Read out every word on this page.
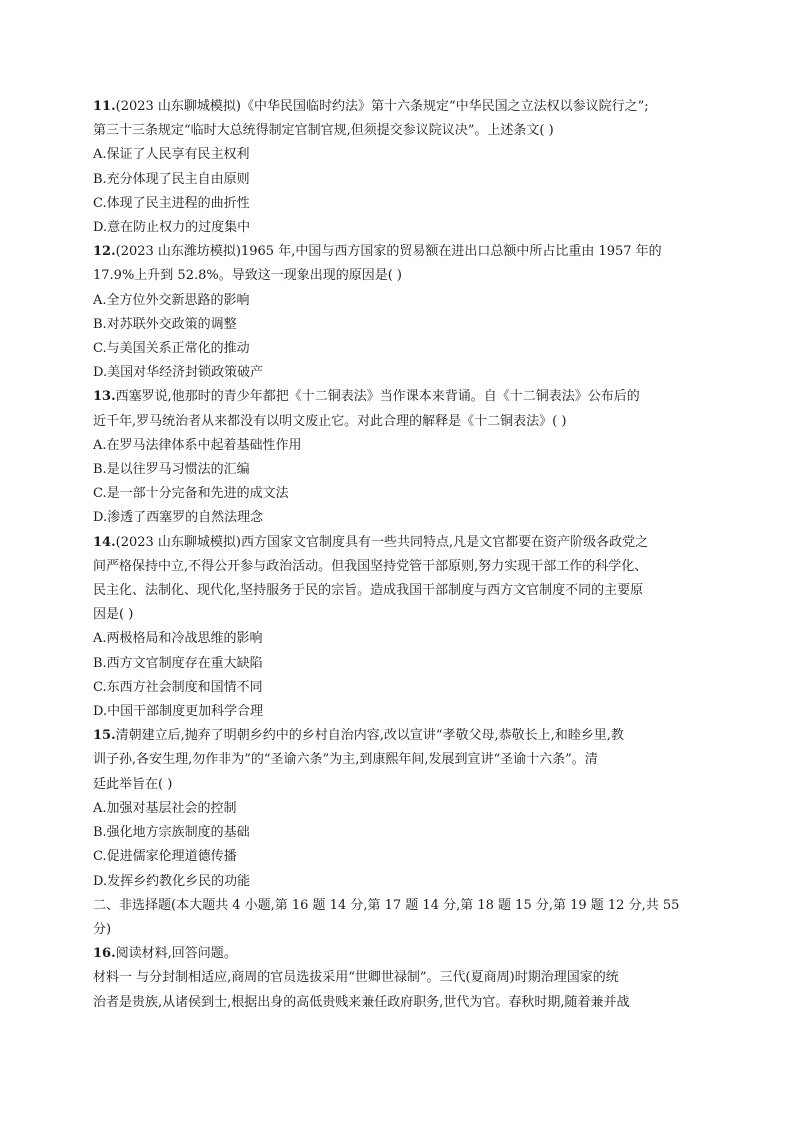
11.(2023 山东聊城模拟)《中华民国临时约法》第十六条规定“中华民国之立法权以参议院行之”;
第三十三条规定“临时大总统得制定官制官规,但须提交参议院议决”。上述条文( )
A.保证了人民享有民主权利
B.充分体现了民主自由原则
C.体现了民主进程的曲折性
D.意在防止权力的过度集中
12.(2023 山东潍坊模拟)1965 年,中国与西方国家的贸易额在进出口总额中所占比重由 1957 年的
17.9%上升到 52.8%。导致这一现象出现的原因是( )
A.全方位外交新思路的影响
B.对苏联外交政策的调整
C.与美国关系正常化的推动
D.美国对华经济封锁政策破产
13.西塞罗说,他那时的青少年都把《十二铜表法》当作课本来背诵。自《十二铜表法》公布后的
近千年,罗马统治者从来都没有以明文废止它。对此合理的解释是《十二铜表法》( )
A.在罗马法律体系中起着基础性作用
B.是以往罗马习惯法的汇编
C.是一部十分完备和先进的成文法
D.渗透了西塞罗的自然法理念
14.(2023 山东聊城模拟)西方国家文官制度具有一些共同特点,凡是文官都要在资产阶级各政党之
间严格保持中立,不得公开参与政治活动。但我国坚持党管干部原则,努力实现干部工作的科学化、
民主化、法制化、现代化,坚持服务于民的宗旨。造成我国干部制度与西方文官制度不同的主要原
因是( )
A.两极格局和冷战思维的影响
B.西方文官制度存在重大缺陷
C.东西方社会制度和国情不同
D.中国干部制度更加科学合理
15.清朝建立后,抛弃了明朝乡约中的乡村自治内容,改以宣讲“孝敬父母,恭敬长上,和睦乡里,教
训子孙,各安生理,勿作非为”的“圣谕六条”为主,到康熙年间,发展到宣讲“圣谕十六条”。清
廷此举旨在( )
A.加强对基层社会的控制
B.强化地方宗族制度的基础
C.促进儒家伦理道德传播
D.发挥乡约教化乡民的功能
二、非选择题(本大题共 4 小题,第 16 题 14 分,第 17 题 14 分,第 18 题 15 分,第 19 题 12 分,共 55
分)
16.阅读材料,回答问题。
材料一 与分封制相适应,商周的官员选拔采用“世卿世禄制”。三代(夏商周)时期治理国家的统
治者是贵族,从诸侯到士,根据出身的高低贵贱来兼任政府职务,世代为官。春秋时期,随着兼并战
